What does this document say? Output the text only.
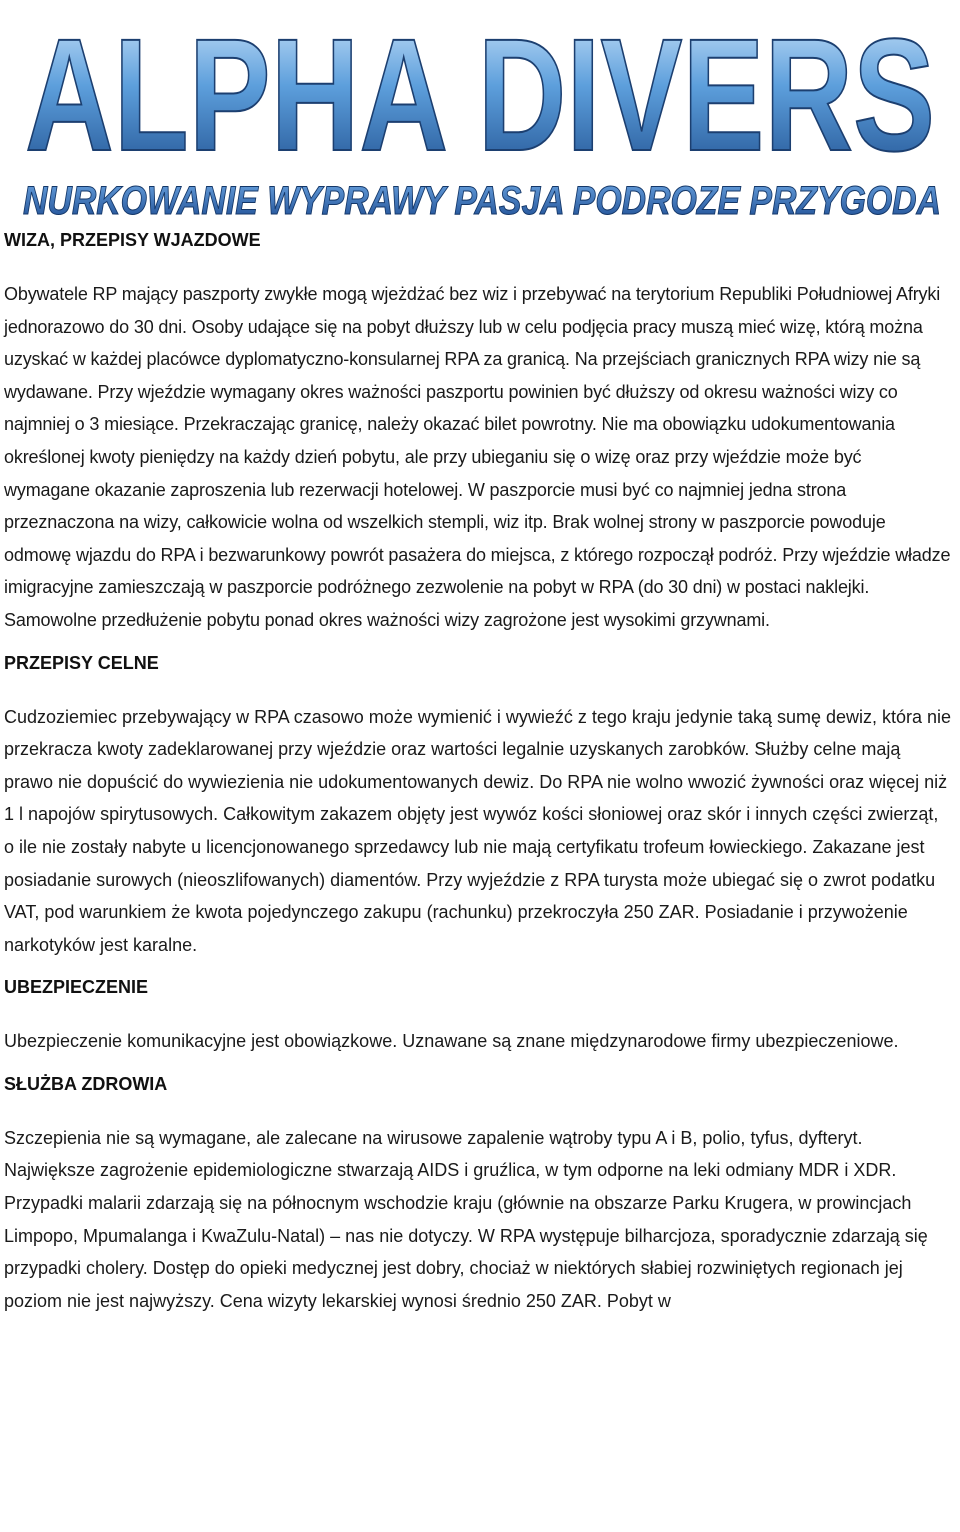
ALPHA DIVERS
NURKOWANIE WYPRAWY PASJA PODROZE PRZYGODA

WIZA, PRZEPISY WJAZDOWE

Obywatele RP mający paszporty zwykłe mogą wjeżdżać bez wiz i przebywać na terytorium Republiki Południowej Afryki jednorazowo do 30 dni. Osoby udające się na pobyt dłuższy lub w celu podjęcia pracy muszą mieć wizę, którą można uzyskać w każdej placówce dyplomatyczno-konsularnej RPA za granicą. Na przejściach granicznych RPA wizy nie są wydawane. Przy wjeździe wymagany okres ważności paszportu powinien być dłuższy od okresu ważności wizy co najmniej o 3 miesiące. Przekraczając granicę, należy okazać bilet powrotny. Nie ma obowiązku udokumentowania określonej kwoty pieniędzy na każdy dzień pobytu, ale przy ubieganiu się o wizę oraz przy wjeździe może być wymagane okazanie zaproszenia lub rezerwacji hotelowej. W paszporcie musi być co najmniej jedna strona przeznaczona na wizy, całkowicie wolna od wszelkich stempli, wiz itp. Brak wolnej strony w paszporcie powoduje odmowę wjazdu do RPA i bezwarunkowy powrót pasażera do miejsca, z którego rozpoczął podróż. Przy wjeździe władze imigracyjne zamieszczają w paszporcie podróżnego zezwolenie na pobyt w RPA (do 30 dni) w postaci naklejki. Samowolne przedłużenie pobytu ponad okres ważności wizy zagrożone jest wysokimi grzywnami.

PRZEPISY CELNE

Cudzoziemiec przebywający w RPA czasowo może wymienić i wywieźć z tego kraju jedynie taką sumę dewiz, która nie przekracza kwoty zadeklarowanej przy wjeździe oraz wartości legalnie uzyskanych zarobków. Służby celne mają prawo nie dopuścić do wywiezienia nie udokumentowanych dewiz. Do RPA nie wolno wwozić żywności oraz więcej niż 1 l napojów spirytusowych. Całkowitym zakazem objęty jest wywóz kości słoniowej oraz skór i innych części zwierząt, o ile nie zostały nabyte u licencjonowanego sprzedawcy lub nie mają certyfikatu trofeum łowieckiego. Zakazane jest posiadanie surowych (nieoszlifowanych) diamentów. Przy wyjeździe z RPA turysta może ubiegać się o zwrot podatku VAT, pod warunkiem że kwota pojedynczego zakupu (rachunku) przekroczyła 250 ZAR. Posiadanie i przywożenie narkotyków jest karalne.

UBEZPIECZENIE

Ubezpieczenie komunikacyjne jest obowiązkowe. Uznawane są znane międzynarodowe firmy ubezpieczeniowe.

SŁUŻBA ZDROWIA

Szczepienia nie są wymagane, ale zalecane na wirusowe zapalenie wątroby typu A i B, polio, tyfus, dyfteryt. Największe zagrożenie epidemiologiczne stwarzają AIDS i gruźlica, w tym odporne na leki odmiany MDR i XDR. Przypadki malarii zdarzają się na północnym wschodzie kraju (głównie na obszarze Parku Krugera, w prowincjach Limpopo, Mpumalanga i KwaZulu-Natal) – nas nie dotyczy. W RPA występuje bilharcjoza, sporadycznie zdarzają się przypadki cholery. Dostęp do opieki medycznej jest dobry, chociaż w niektórych słabiej rozwiniętych regionach jej poziom nie jest najwyższy. Cena wizyty lekarskiej wynosi średnio 250 ZAR. Pobyt w
